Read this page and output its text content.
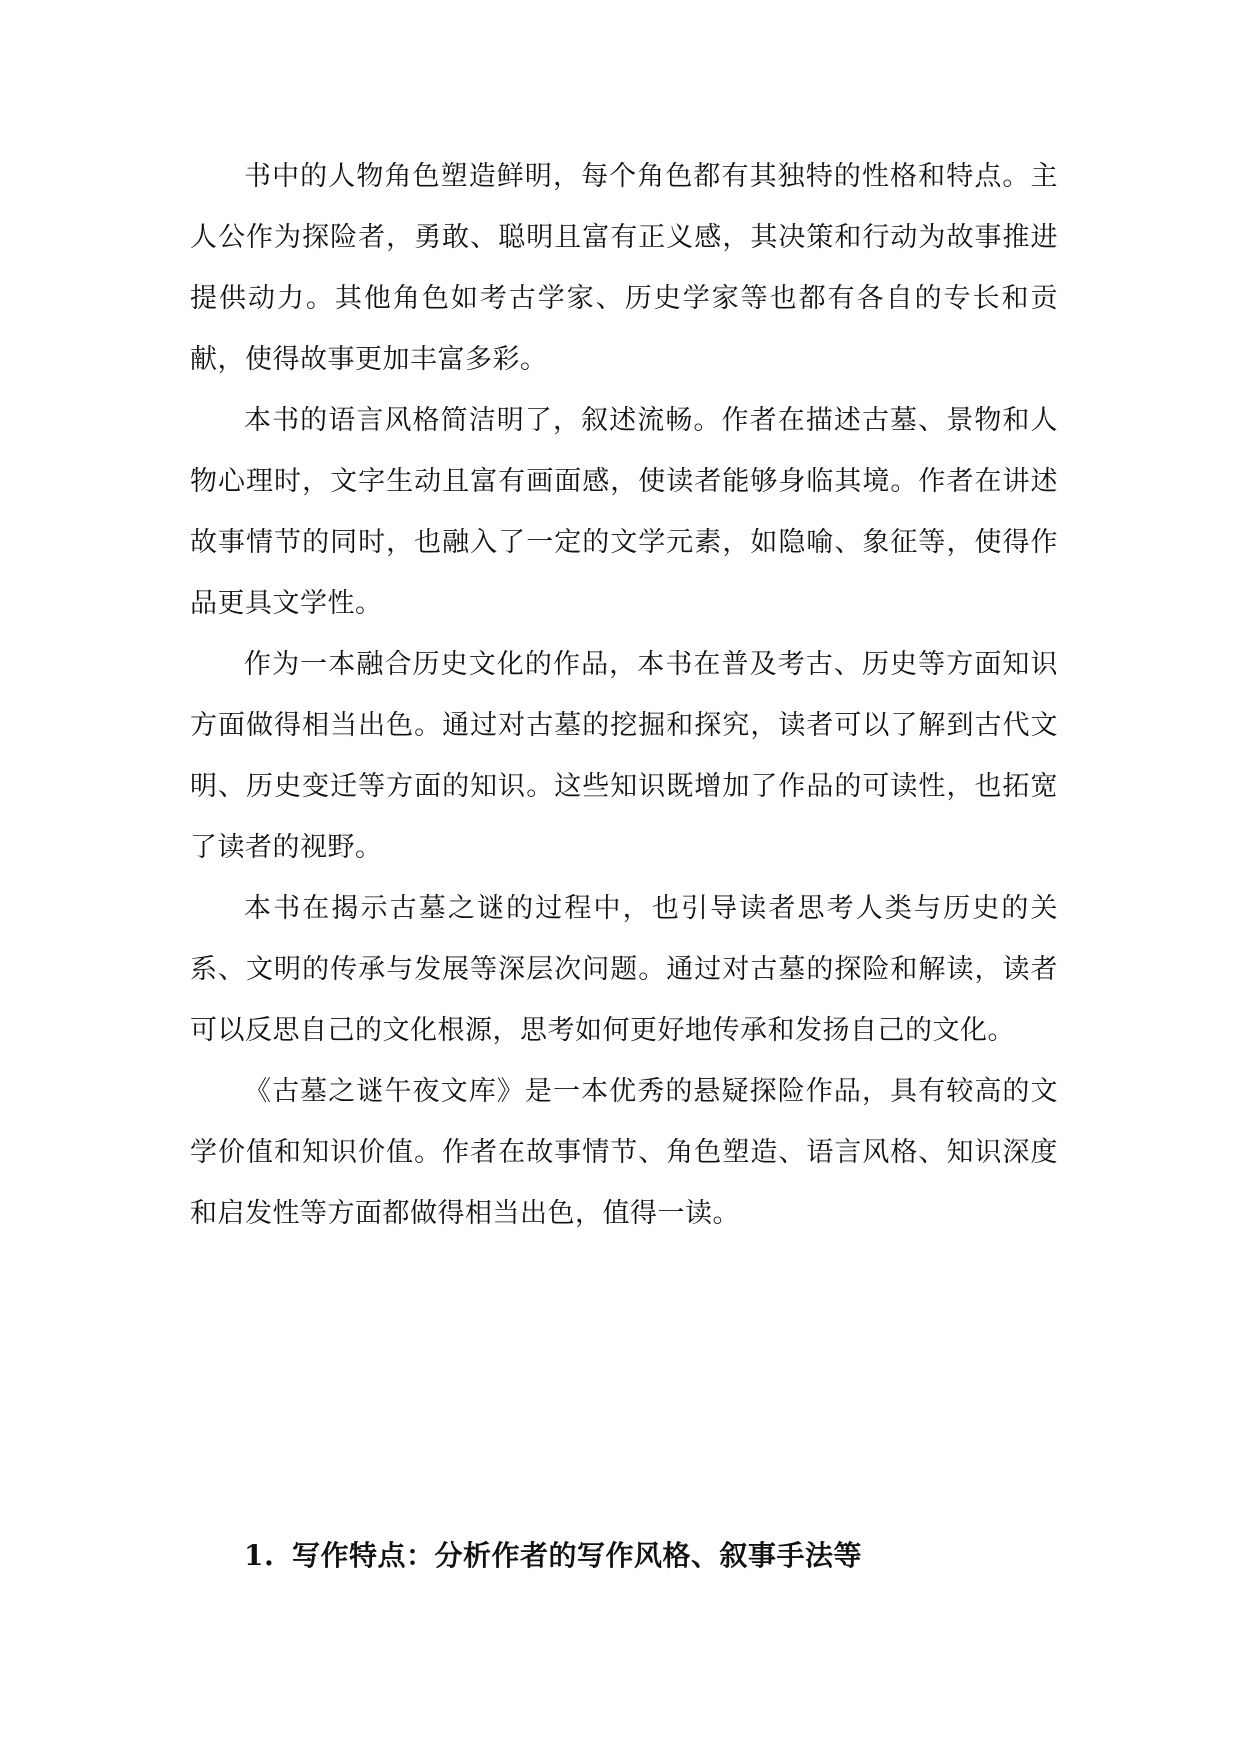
书中的人物角色塑造鲜明，每个角色都有其独特的性格和特点。主人公作为探险者，勇敢、聪明且富有正义感，其决策和行动为故事推进提供动力。其他角色如考古学家、历史学家等也都有各自的专长和贡献，使得故事更加丰富多彩。

本书的语言风格简洁明了，叙述流畅。作者在描述古墓、景物和人物心理时，文字生动且富有画面感，使读者能够身临其境。作者在讲述故事情节的同时，也融入了一定的文学元素，如隐喻、象征等，使得作品更具文学性。

作为一本融合历史文化的作品，本书在普及考古、历史等方面知识方面做得相当出色。通过对古墓的挖掘和探究，读者可以了解到古代文明、历史变迁等方面的知识。这些知识既增加了作品的可读性，也拓宽了读者的视野。

本书在揭示古墓之谜的过程中，也引导读者思考人类与历史的关系、文明的传承与发展等深层次问题。通过对古墓的探险和解读，读者可以反思自己的文化根源，思考如何更好地传承和发扬自己的文化。

《古墓之谜午夜文库》是一本优秀的悬疑探险作品，具有较高的文学价值和知识价值。作者在故事情节、角色塑造、语言风格、知识深度和启发性等方面都做得相当出色，值得一读。

1. 写作特点：分析作者的写作风格、叙事手法等
